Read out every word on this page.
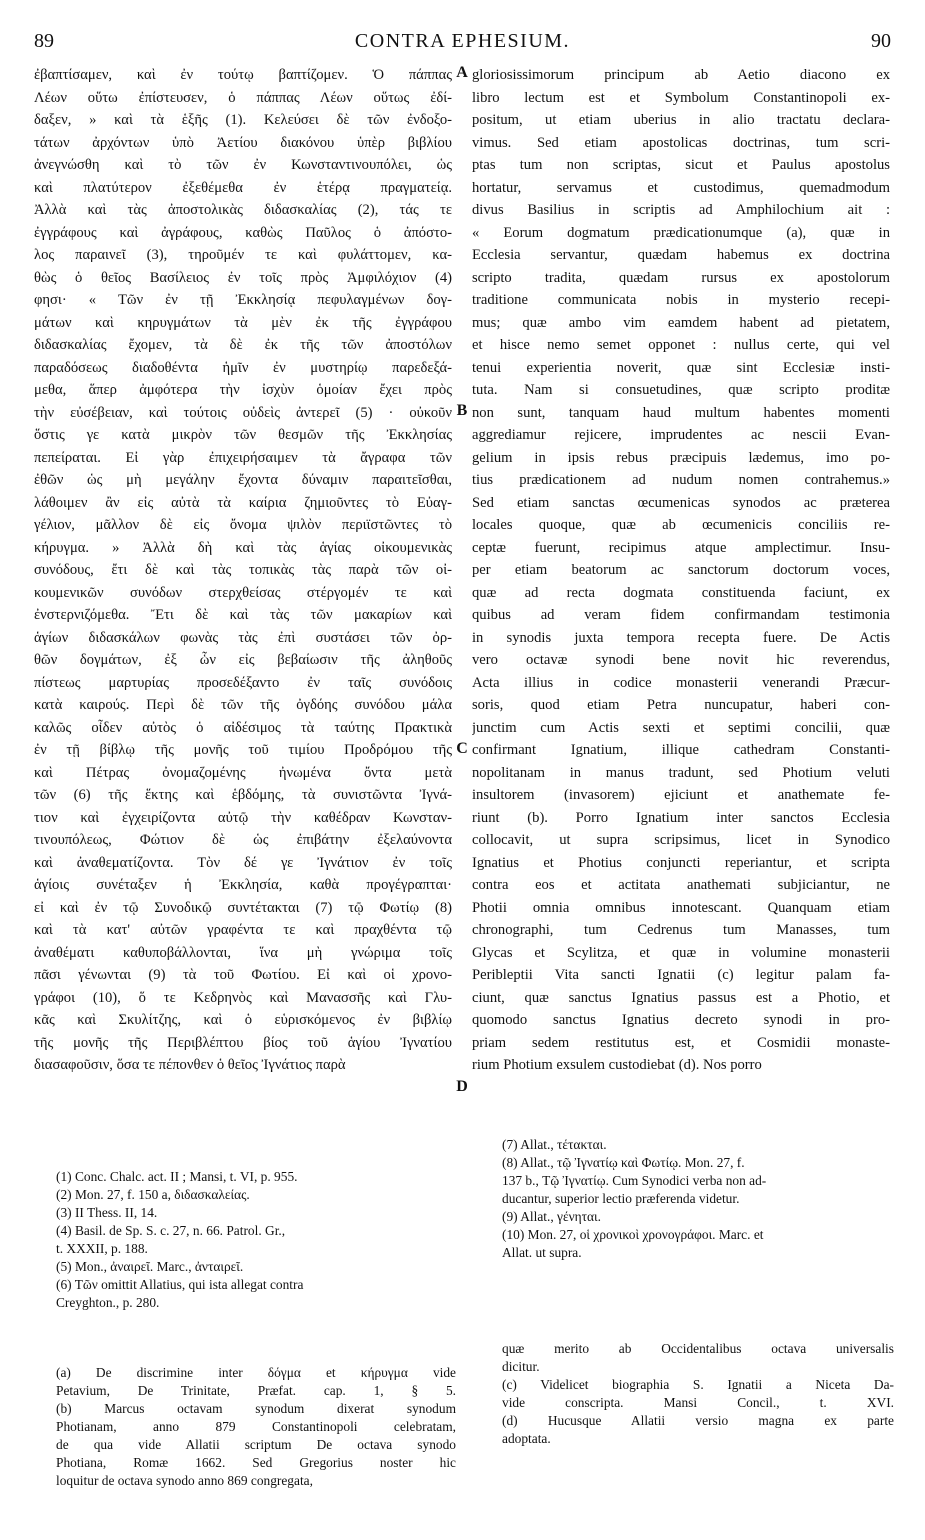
89	CONTRA EPHESIUM.	90
ἐβαπτίσαμεν, καὶ ἐν τούτῳ βαπτίζομεν. Ὁ πάππας
Λέων οὕτω ἐπίστευσεν, ὁ πάππας Λέων οὕτως ἐδί-
δαξεν, » καὶ τὰ ἑξῆς (1). Κελεύσει δὲ τῶν ἐνδοξο-
τάτων ἀρχόντων ὑπὸ Ἀετίου διακόνου ὑπὲρ βιβλίου
ἀνεγνώσθη καὶ τὸ τῶν ἐν Κωνσταντινουπόλει, ὡς
καὶ πλατύτερον ἐξεθέμεθα ἐν ἑτέρᾳ πραγματείᾳ.
Ἀλλὰ καὶ τὰς ἀποστολικὰς διδασκαλίας (2), τάς τε
ἐγγράφους καὶ ἀγράφους, καθὼς Παῦλος ὁ ἀπόστο-
λος παραινεῖ (3), τηροῦμέν τε καὶ φυλάττομεν, κα-
θὼς ὁ θεῖος Βασίλειος ἐν τοῖς πρὸς Ἀμφιλόχιον (4)
φησι· « Τῶν ἐν τῇ Ἐκκλησίᾳ πεφυλαγμένων δογ-
μάτων καὶ κηρυγμάτων τὰ μὲν ἐκ τῆς ἐγγράφου
διδασκαλίας ἔχομεν, τὰ δὲ ἐκ τῆς τῶν ἀποστόλων
παραδόσεως διαδοθέντα ἡμῖν ἐν μυστηρίῳ παρεδεξά-
μεθα, ἅπερ ἀμφότερα τὴν ἰσχὺν ὁμοίαν ἔχει πρὸς
τὴν εὐσέβειαν, καὶ τούτοις οὐδεὶς ἀντερεῖ (5) · οὐκοῦν
ὅστις γε κατὰ μικρὸν τῶν θεσμῶν τῆς Ἐκκλησίας
πεπείραται. Εἰ γὰρ ἐπιχειρήσαιμεν τὰ ἄγραφα τῶν
ἐθῶν ὡς μὴ μεγάλην ἔχοντα δύναμιν παραιτεῖσθαι,
λάθοιμεν ἂν εἰς αὐτὰ τὰ καίρια ζημιοῦντες τὸ Εὐαγ-
γέλιον, μᾶλλον δὲ εἰς ὄνομα ψιλὸν περιϊστῶντες τὸ
κήρυγμα. » Ἀλλὰ δὴ καὶ τὰς ἁγίας οἰκουμενικὰς
συνόδους, ἔτι δὲ καὶ τὰς τοπικὰς τὰς παρὰ τῶν οἰ-
κουμενικῶν συνόδων στερχθείσας στέργομέν τε καὶ
ἐνστερνιζόμεθα. Ἔτι δὲ καὶ τὰς τῶν μακαρίων καὶ
ἁγίων διδασκάλων φωνὰς τὰς ἐπὶ συστάσει τῶν ὀρ-
θῶν δογμάτων, ἐξ ὧν εἰς βεβαίωσιν τῆς ἀληθοῦς
πίστεως μαρτυρίας προσεδέξαντο ἐν ταῖς συνόδοις
κατὰ καιρούς. Περὶ δὲ τῶν τῆς ὀγδόης συνόδου μάλα
καλῶς οἶδεν αὐτὸς ὁ αἰδέσιμος τὰ ταύτης Πρακτικὰ
ἐν τῇ βίβλῳ τῆς μονῆς τοῦ τιμίου Προδρόμου τῆς
καὶ Πέτρας ὀνομαζομένης ἠνωμένα ὄντα μετὰ
τῶν (6) τῆς ἕκτης καὶ ἑβδόμης, τὰ συνιστῶντα Ἰγνά-
τιον καὶ ἐγχειρίζοντα αὐτῷ τὴν καθέδραν Κωνσταν-
τινουπόλεως, Φώτιον δὲ ὡς ἐπιβάτην ἐξελαύνοντα
καὶ ἀναθεματίζοντα. Τὸν δέ γε Ἰγνάτιον ἐν τοῖς
ἁγίοις συνέταξεν ἡ Ἐκκλησία, καθὰ προγέγραπται·
εἰ καὶ ἐν τῷ Συνοδικῷ συντέτακται (7) τῷ Φωτίῳ (8)
καὶ τὰ κατ' αὐτῶν γραφέντα τε καὶ πραχθέντα τῷ
ἀναθέματι καθυποβάλλονται, ἵνα μὴ γνώριμα τοῖς
πᾶσι γένωνται (9) τὰ τοῦ Φωτίου. Εἰ καὶ οἱ χρονο-
γράφοι (10), ὅ τε Κεδρηνὸς καὶ Μανασσῆς καὶ Γλυ-
κᾶς καὶ Σκυλίτζης, καὶ ὁ εὑρισκόμενος ἐν βιβλίῳ
τῆς μονῆς τῆς Περιβλέπτου βίος τοῦ ἁγίου Ἰγνατίου
διασαφοῦσιν, ὅσα τε πέπονθεν ὁ θεῖος Ἰγνάτιος παρὰ
gloriosissimorum principum ab Aetio diacono ex
libro lectum est et Symbolum Constantinopoli ex-
positum, ut etiam uberius in alio tractatu declara-
vimus. Sed etiam apostolicas doctrinas, tum scri-
ptas tum non scriptas, sicut et Paulus apostolus
hortatur, servamus et custodimus, quemadmodum
divus Basilius in scriptis ad Amphilochium ait :
« Eorum dogmatum prædicationumque (a), quæ in
Ecclesia servantur, quædam habemus ex doctrina
scripto tradita, quædam rursus ex apostolorum
traditione communicata nobis in mysterio recepi-
mus; quæ ambo vim eamdem habent ad pietatem,
et hisce nemo semet opponet : nullus certe, qui vel
tenui experientia noverit, quæ sint Ecclesiæ insti-
tuta. Nam si consuetudines, quæ scripto proditæ
non sunt, tanquam haud multum habentes momenti
aggrediamur rejicere, imprudentes ac nescii Evan-
gelium in ipsis rebus præcipuis lædemus, imo po-
tius prædicationem ad nudum nomen contrahemus.»
Sed etiam sanctas œcumenicas synodos ac præterea
locales quoque, quæ ab œcumenicis conciliis re-
ceptæ fuerunt, recipimus atque amplectimur. Insu-
per etiam beatorum ac sanctorum doctorum voces,
quæ ad recta dogmata constituenda faciunt, ex
quibus ad veram fidem confirmandam testimonia
in synodis juxta tempora recepta fuere. De Actis
vero octavæ synodi bene novit hic reverendus,
Acta illius in codice monasterii venerandi Præcur-
soris, quod etiam Petra nuncupatur, haberi con-
junctim cum Actis sexti et septimi concilii, quæ
confirmant Ignatium, illique cathedram Constanti-
nopolitanam in manus tradunt, sed Photium veluti
insultorem (invasorem) ejiciunt et anathemate fe-
riunt (b). Porro Ignatium inter sanctos Ecclesia
collocavit, ut supra scripsimus, licet in Synodico
Ignatius et Photius conjuncti reperiantur, et scripta
contra eos et actitata anathemati subjiciantur, ne
Photii omnia omnibus innotescant. Quanquam etiam
chronographi, tum Cedrenus tum Manasses, tum
Glycas et Scylitza, et quæ in volumine monasterii
Peribleptii Vita sancti Ignatii (c) legitur palam fa-
ciunt, quæ sanctus Ignatius passus est a Photio, et
quomodo sanctus Ignatius decreto synodi in pro-
priam sedem restitutus est, et Cosmidii monaste-
rium Photium exsulem custodiebat (d). Nos porro
A
B
C
D
(1) Conc. Chalc. act. II ; Mansi, t. VI, p. 955.
(2) Mon. 27, f. 150 a, διδασκαλείας.
(3) II Thess. II, 14.
(4) Basil. de Sp. S. c. 27, n. 66. Patrol. Gr.,
t. XXXII, p. 188.
(5) Mon., ἀναιρεῖ. Marc., ἀνταιρεῖ.
(6) Τῶν omittit Allatius, qui ista allegat contra
Creyghton., p. 280.
(7) Allat., τέτακται.
(8) Allat., τῷ Ἰγνατίῳ καὶ Φωτίῳ. Mon. 27, f.
137 b., Τῷ Ἰγνατίῳ. Cum Synodici verba non ad-
ducantur, superior lectio præferenda videtur.
(9) Allat., γένηται.
(10) Mon. 27, οἱ χρονικοὶ χρονογράφοι. Marc. et
Allat. ut supra.
(a) De discrimine inter δόγμα et κήρυγμα vide
Petavium, De Trinitate, Præfat. cap. 1, § 5.
(b) Marcus octavam synodum dixerat synodum
Photianam, anno 879 Constantinopoli celebratam,
de qua vide Allatii scriptum De octava synodo
Photiana, Romæ 1662. Sed Gregorius noster hic
loquitur de octava synodo anno 869 congregata,
quæ merito ab Occidentalibus octava universalis
dicitur.
(c) Videlicet biographia S. Ignatii a Niceta Da-
vide conscripta. Mansi Concil., t. XVI.
(d) Hucusque Allatii versio magna ex parte
adoptata.
